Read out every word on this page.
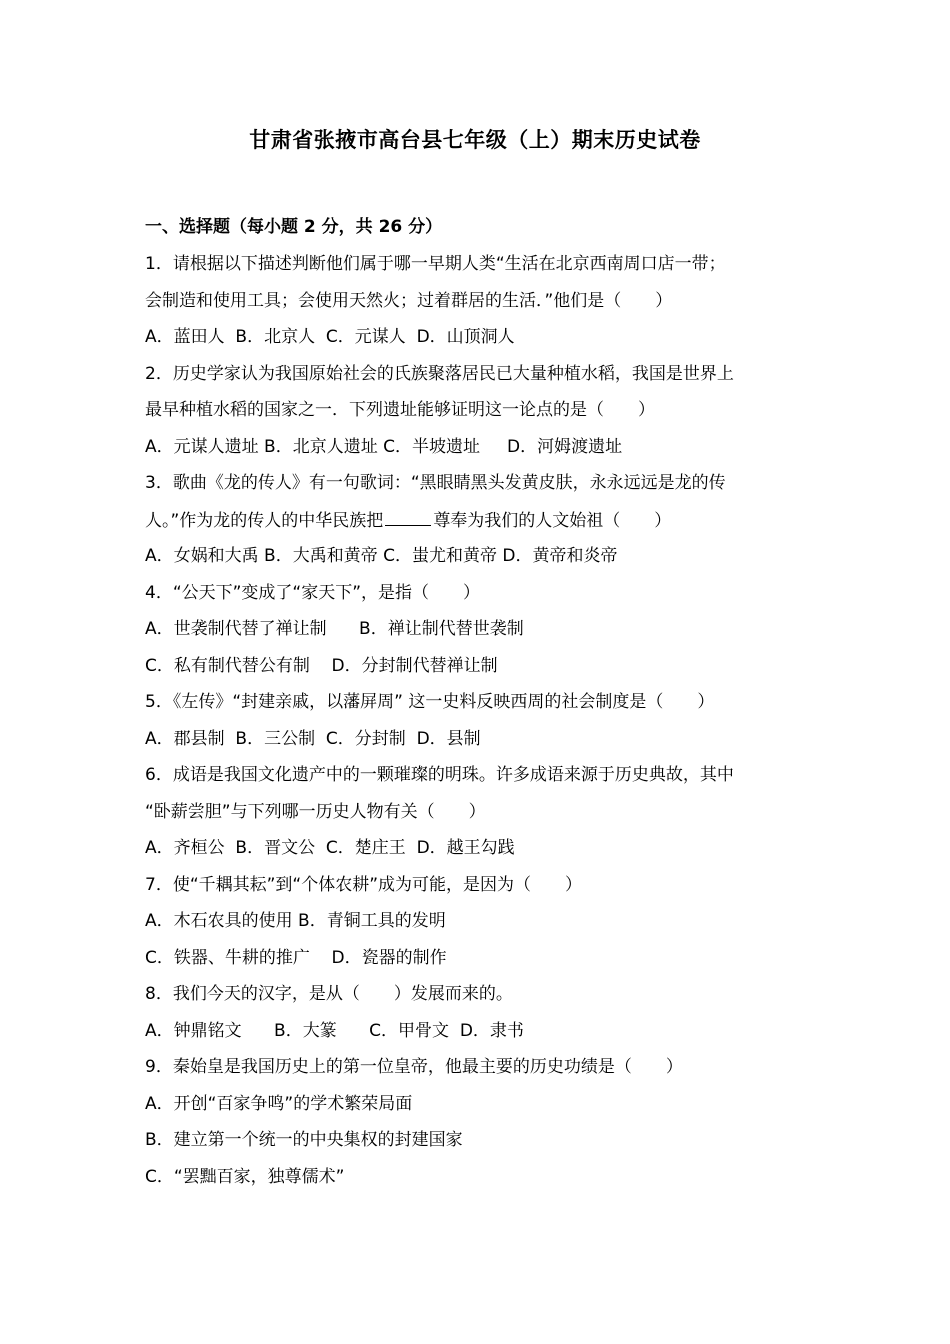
甘肃省张掖市高台县七年级（上）期末历史试卷
一、选择题（每小题 2 分，共 26 分）
1．请根据以下描述判断他们属于哪一早期人类“生活在北京西南周口店一带；
会制造和使用工具；会使用天然火；过着群居的生活．”他们是（　　）
A．蓝田人  B．北京人  C．元谋人  D．山顶洞人
2．历史学家认为我国原始社会的氏族聚落居民已大量种植水稻，我国是世界上
最早种植水稻的国家之一．下列遗址能够证明这一论点的是（　　）
A．元谋人遗址 B．北京人遗址 C．半坡遗址     D．河姆渡遗址
3．歌曲《龙的传人》有一句歌词：“黑眼睛黑头发黄皮肤，永永远远是龙的传
人。”作为龙的传人的中华民族把	尊奉为我们的人文始祖（　　）
A．女娲和大禹 B．大禹和黄帝 C．蚩尤和黄帝 D．黄帝和炎帝
4．“公天下”变成了“家天下”，是指（　　）
A．世袭制代替了禅让制      B．禅让制代替世袭制
C．私有制代替公有制    D．分封制代替禅让制
5．《左传》“封建亲戚，以藩屏周” 这一史料反映西周的社会制度是（　　）
A．郡县制  B．三公制  C．分封制  D．县制
6．成语是我国文化遗产中的一颗璀璨的明珠。许多成语来源于历史典故，其中
“卧薪尝胆”与下列哪一历史人物有关（　　）
A．齐桓公  B．晋文公  C．楚庄王  D．越王勾践
7．使“千耦其耘”到“个体农耕”成为可能，是因为（　　）
A．木石农具的使用 B．青铜工具的发明
C．铁器、牛耕的推广    D．瓷器的制作
8．我们今天的汉字，是从（　　）发展而来的。
A．钟鼎铭文      B．大篆      C．甲骨文  D．隶书
9．秦始皇是我国历史上的第一位皇帝，他最主要的历史功绩是（　　）
A．开创“百家争鸣”的学术繁荣局面
B．建立第一个统一的中央集权的封建国家
C．“罢黜百家，独尊儒术”
